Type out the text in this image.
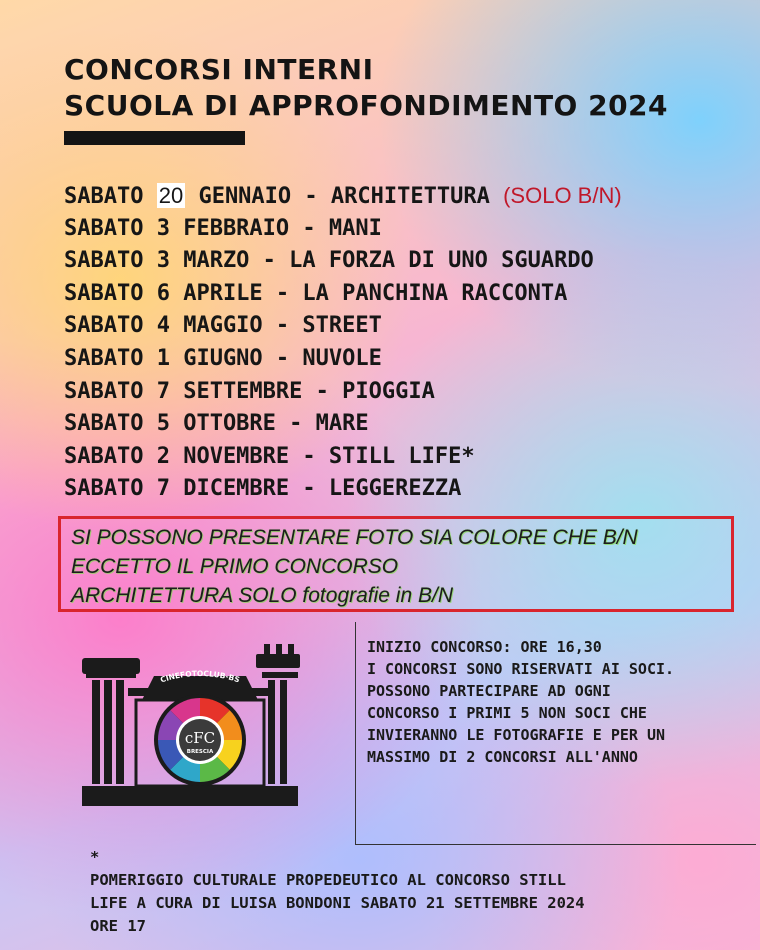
CONCORSI INTERNI
SCUOLA DI APPROFONDIMENTO 2024
SABATO 20 GENNAIO - ARCHITETTURA (SOLO B/N)
SABATO 3 FEBBRAIO - MANI
SABATO 3 MARZO - LA FORZA DI UNO SGUARDO
SABATO 6 APRILE - LA PANCHINA RACCONTA
SABATO 4 MAGGIO - STREET
SABATO 1 GIUGNO - NUVOLE
SABATO 7 SETTEMBRE - PIOGGIA
SABATO 5 OTTOBRE - MARE
SABATO 2 NOVEMBRE - STILL LIFE*
SABATO 7 DICEMBRE - LEGGEREZZA

SI POSSONO PRESENTARE FOTO SIA COLORE CHE B/N

ECCETTO IL PRIMO CONCORSO

ARCHITETTURA SOLO fotografie in B/N

CINEFOTOCLUB-BS
cFC
BRESCIA

INIZIO CONCORSO: ORE 16,30
I CONCORSI SONO RISERVATI AI SOCI.
POSSONO PARTECIPARE AD OGNI
CONCORSO I PRIMI 5 NON SOCI CHE
INVIERANNO LE FOTOGRAFIE E PER UN
MASSIMO DI 2 CONCORSI ALL'ANNO

*
POMERIGGIO CULTURALE PROPEDEUTICO AL CONCORSO STILL
LIFE A CURA DI LUISA BONDONI SABATO 21 SETTEMBRE 2024
ORE 17
